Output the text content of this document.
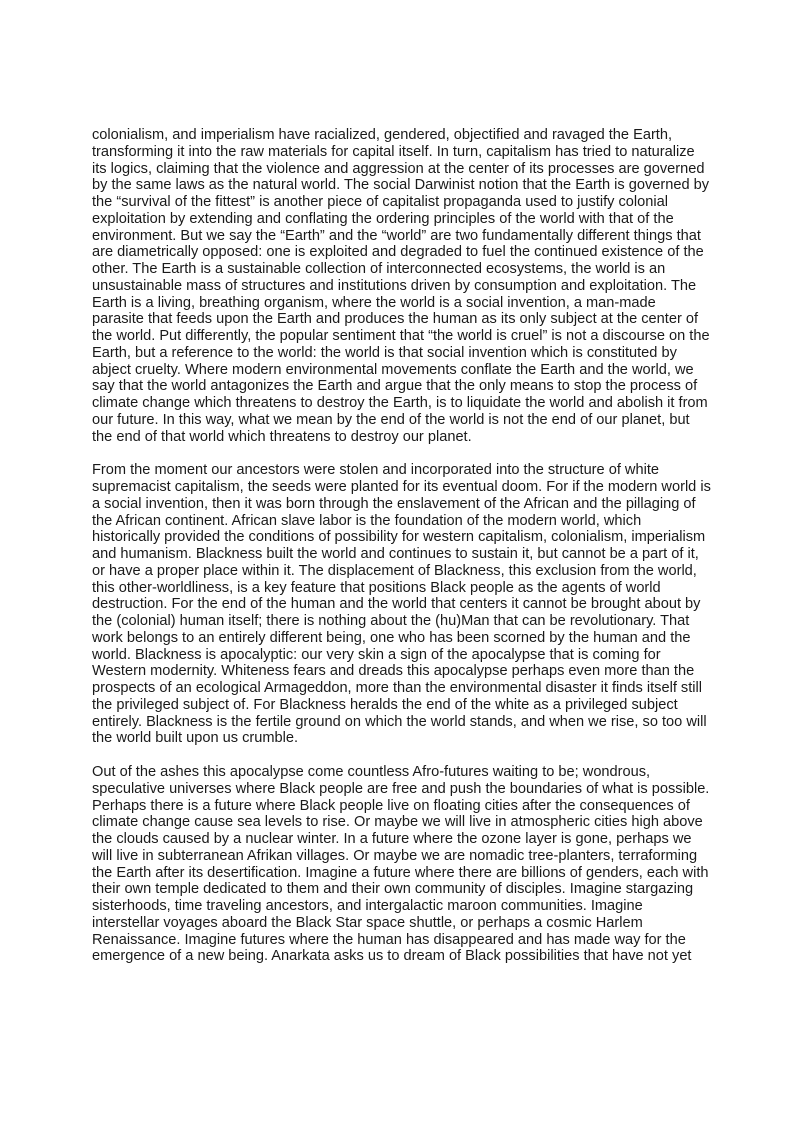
colonialism, and imperialism have racialized, gendered, objectified and ravaged the Earth, transforming it into the raw materials for capital itself. In turn, capitalism has tried to naturalize its logics, claiming that the violence and aggression at the center of its processes are governed by the same laws as the natural world. The social Darwinist notion that the Earth is governed by the “survival of the fittest” is another piece of capitalist propaganda used to justify colonial exploitation by extending and conflating the ordering principles of the world with that of the environment. But we say the “Earth” and the “world” are two fundamentally different things that are diametrically opposed: one is exploited and degraded to fuel the continued existence of the other. The Earth is a sustainable collection of interconnected ecosystems, the world is an unsustainable mass of structures and institutions driven by consumption and exploitation. The Earth is a living, breathing organism, where the world is a social invention, a man-made parasite that feeds upon the Earth and produces the human as its only subject at the center of the world. Put differently, the popular sentiment that “the world is cruel” is not a discourse on the Earth, but a reference to the world: the world is that social invention which is constituted by abject cruelty. Where modern environmental movements conflate the Earth and the world, we say that the world antagonizes the Earth and argue that the only means to stop the process of climate change which threatens to destroy the Earth, is to liquidate the world and abolish it from our future. In this way, what we mean by the end of the world is not the end of our planet, but the end of that world which threatens to destroy our planet.

From the moment our ancestors were stolen and incorporated into the structure of white supremacist capitalism, the seeds were planted for its eventual doom. For if the modern world is a social invention, then it was born through the enslavement of the African and the pillaging of the African continent. African slave labor is the foundation of the modern world, which historically provided the conditions of possibility for western capitalism, colonialism, imperialism and humanism. Blackness built the world and continues to sustain it, but cannot be a part of it, or have a proper place within it. The displacement of Blackness, this exclusion from the world, this other-worldliness, is a key feature that positions Black people as the agents of world destruction. For the end of the human and the world that centers it cannot be brought about by the (colonial) human itself; there is nothing about the (hu)Man that can be revolutionary. That work belongs to an entirely different being, one who has been scorned by the human and the world. Blackness is apocalyptic: our very skin a sign of the apocalypse that is coming for Western modernity. Whiteness fears and dreads this apocalypse perhaps even more than the prospects of an ecological Armageddon, more than the environmental disaster it finds itself still the privileged subject of. For Blackness heralds the end of the white as a privileged subject entirely. Blackness is the fertile ground on which the world stands, and when we rise, so too will the world built upon us crumble.

Out of the ashes this apocalypse come countless Afro-futures waiting to be; wondrous, speculative universes where Black people are free and push the boundaries of what is possible. Perhaps there is a future where Black people live on floating cities after the consequences of climate change cause sea levels to rise. Or maybe we will live in atmospheric cities high above the clouds caused by a nuclear winter. In a future where the ozone layer is gone, perhaps we will live in subterranean Afrikan villages. Or maybe we are nomadic tree-planters, terraforming the Earth after its desertification. Imagine a future where there are billions of genders, each with their own temple dedicated to them and their own community of disciples. Imagine stargazing sisterhoods, time traveling ancestors, and intergalactic maroon communities. Imagine interstellar voyages aboard the Black Star space shuttle, or perhaps a cosmic Harlem Renaissance. Imagine futures where the human has disappeared and has made way for the emergence of a new being. Anarkata asks us to dream of Black possibilities that have not yet
